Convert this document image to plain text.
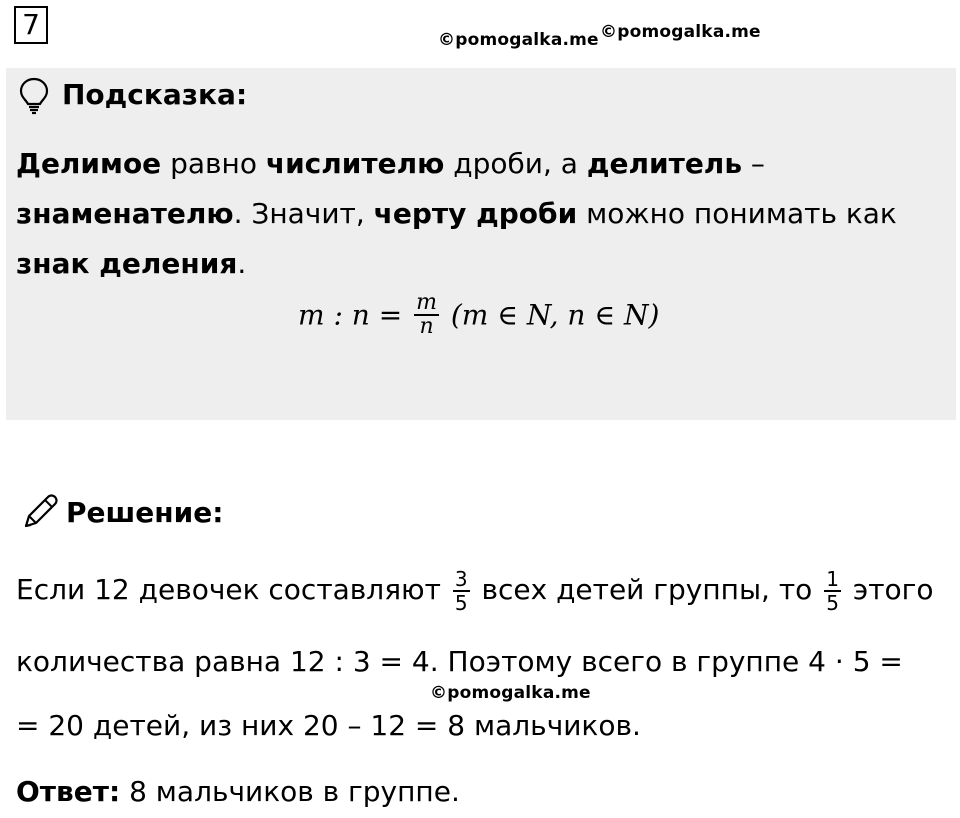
7	©pomogalka.me ©pomogalka.me
Подсказка:
Делимое равно числителю дроби, а делитель –
знаменателю. Значит, черту дроби можно понимать как
знак деления.
m : $n = \frac{m}{n} (m$ ∈ N, n ∈ N)
Решение:
Если 12 девочек составляют $\frac{3}{5}$ всех детей группы, то $\frac{1}{5}$ этого
количества равна 12 : 3 = 4. Поэтому всего в группе 4 · 5 =
©pomogalka.me
= 20 детей, из них 20 – 12 = 8 мальчиков.
Ответ: 8 мальчиков в группе.
